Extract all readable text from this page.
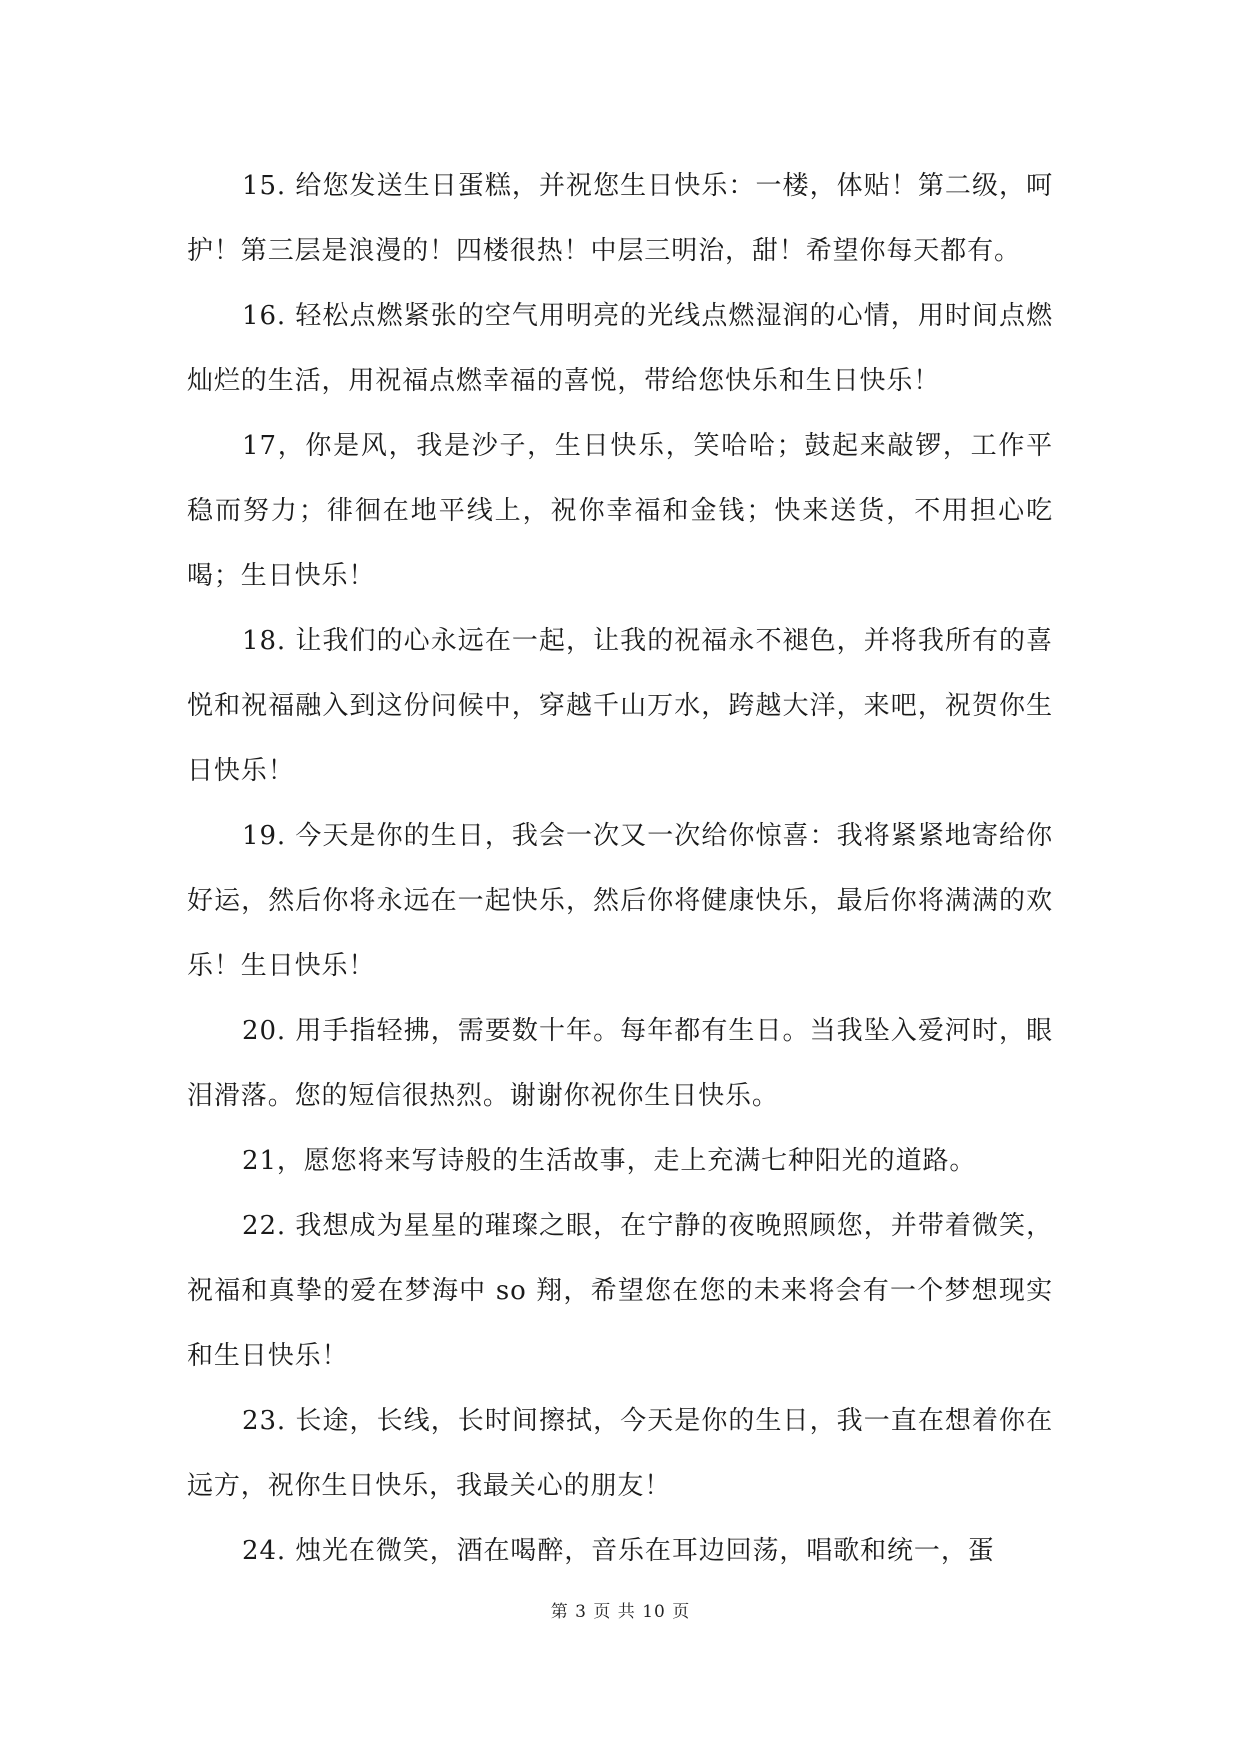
15. 给您发送生日蛋糕，并祝您生日快乐：一楼，体贴！第二级，呵护！第三层是浪漫的！四楼很热！中层三明治，甜！希望你每天都有。

16. 轻松点燃紧张的空气用明亮的光线点燃湿润的心情，用时间点燃灿烂的生活，用祝福点燃幸福的喜悦，带给您快乐和生日快乐！

17，你是风，我是沙子，生日快乐，笑哈哈；鼓起来敲锣，工作平稳而努力；徘徊在地平线上，祝你幸福和金钱；快来送货，不用担心吃喝；生日快乐！

18. 让我们的心永远在一起，让我的祝福永不褪色，并将我所有的喜悦和祝福融入到这份问候中，穿越千山万水，跨越大洋，来吧，祝贺你生日快乐！

19. 今天是你的生日，我会一次又一次给你惊喜：我将紧紧地寄给你好运，然后你将永远在一起快乐，然后你将健康快乐，最后你将满满的欢乐！生日快乐！

20. 用手指轻拂，需要数十年。每年都有生日。当我坠入爱河时，眼泪滑落。您的短信很热烈。谢谢你祝你生日快乐。

21，愿您将来写诗般的生活故事，走上充满七种阳光的道路。

22. 我想成为星星的璀璨之眼，在宁静的夜晚照顾您，并带着微笑，祝福和真挚的爱在梦海中 so 翔，希望您在您的未来将会有一个梦想现实和生日快乐！

23. 长途，长线，长时间擦拭，今天是你的生日，我一直在想着你在远方，祝你生日快乐，我最关心的朋友！

24. 烛光在微笑，酒在喝醉，音乐在耳边回荡，唱歌和统一，蛋

第 3 页 共 10 页
